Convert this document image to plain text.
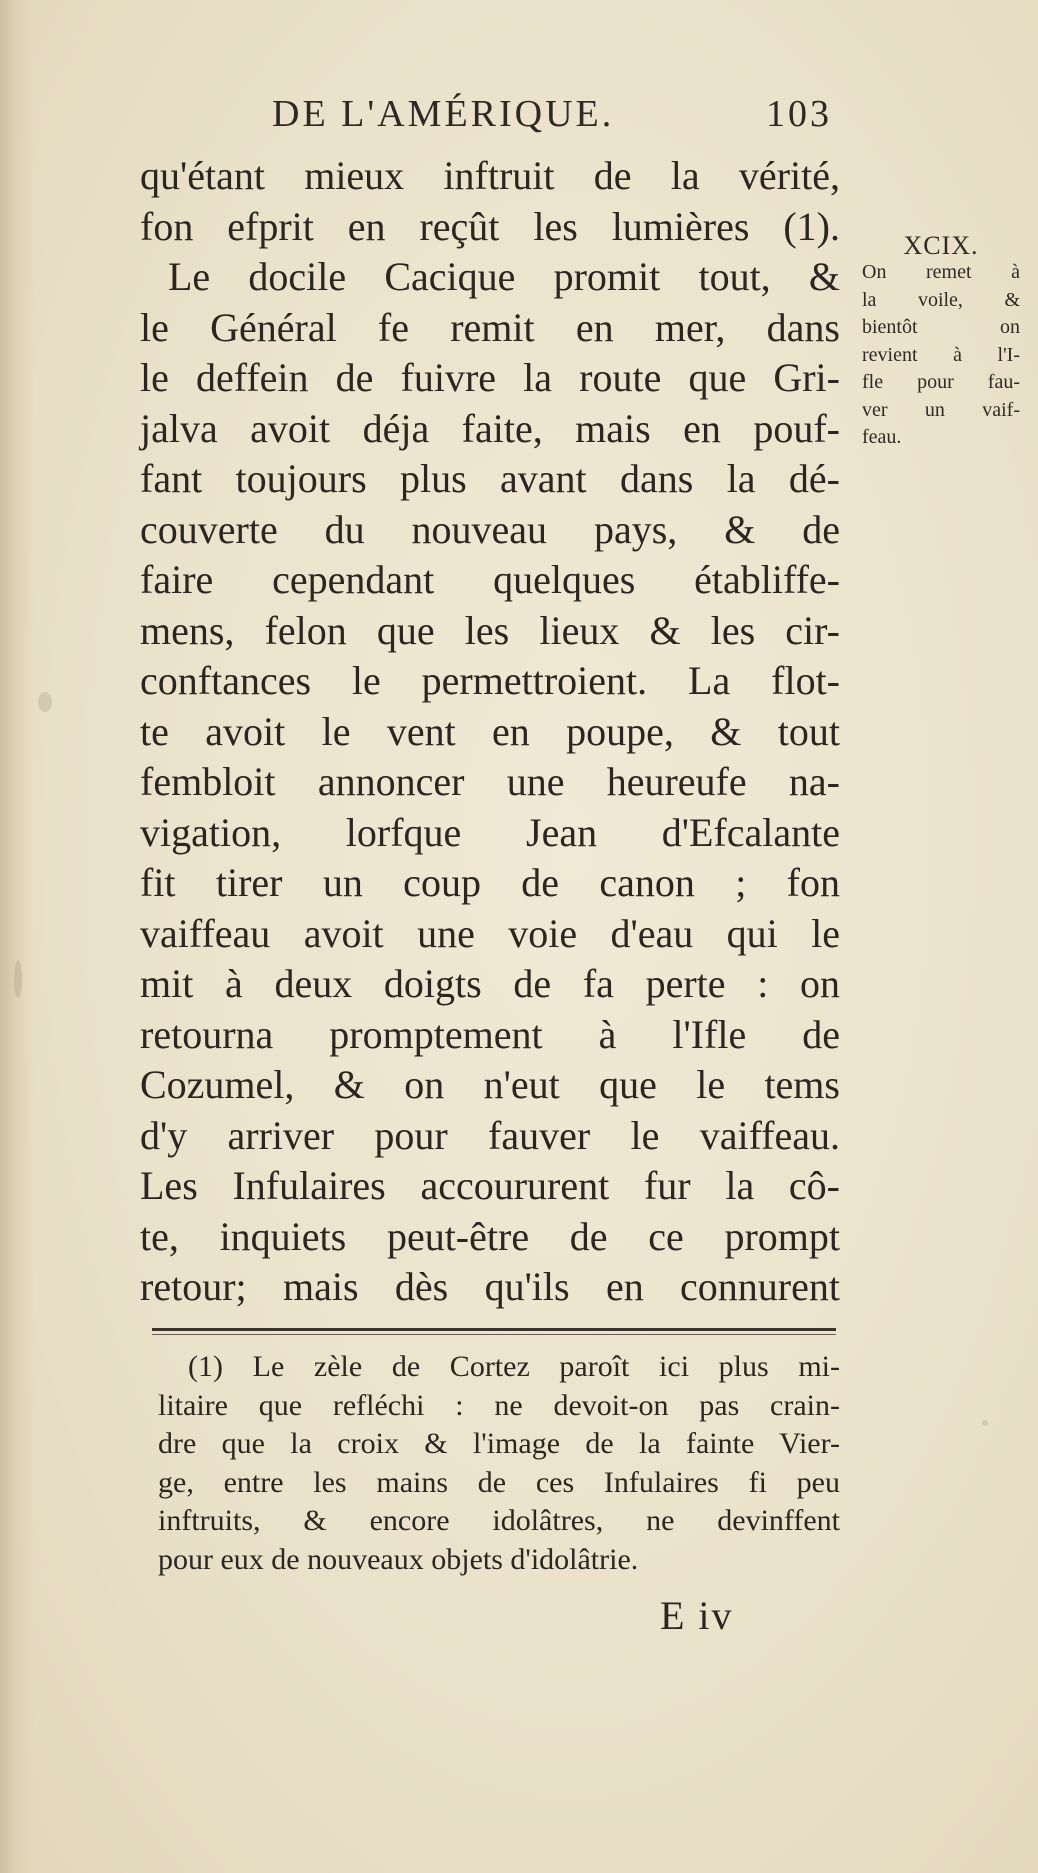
DE L'AMÉRIQUE.	103
qu'étant mieux inftruit de la vérité,
fon efprit en reçût les lumières (1).
Le docile Cacique promit tout, &
le Général fe remit en mer, dans
le deffein de fuivre la route que Gri-
jalva avoit déja faite, mais en pouf-
fant toujours plus avant dans la dé-
couverte du nouveau pays, & de
faire cependant quelques établiffe-
mens, felon que les lieux & les cir-
conftances le permettroient. La flot-
te avoit le vent en poupe, & tout
fembloit annoncer une heureufe na-
vigation, lorfque Jean d'Efcalante
fit tirer un coup de canon ; fon
vaiffeau avoit une voie d'eau qui le
mit à deux doigts de fa perte : on
retourna promptement à l'Ifle de
Cozumel, & on n'eut que le tems
d'y arriver pour fauver le vaiffeau.
Les Infulaires accoururent fur la cô-
te, inquiets peut-être de ce prompt
retour; mais dès qu'ils en connurent
XCIX.
On remet à
la voile, &
bientôt on
revient à l'I-
fle pour fau-
ver un vaif-
feau.
(1) Le zèle de Cortez paroît ici plus mi-
litaire que refléchi : ne devoit-on pas crain-
dre que la croix & l'image de la fainte Vier-
ge, entre les mains de ces Infulaires fi peu
inftruits, & encore idolâtres, ne devinffent
pour eux de nouveaux objets d'idolâtrie.
E iv
